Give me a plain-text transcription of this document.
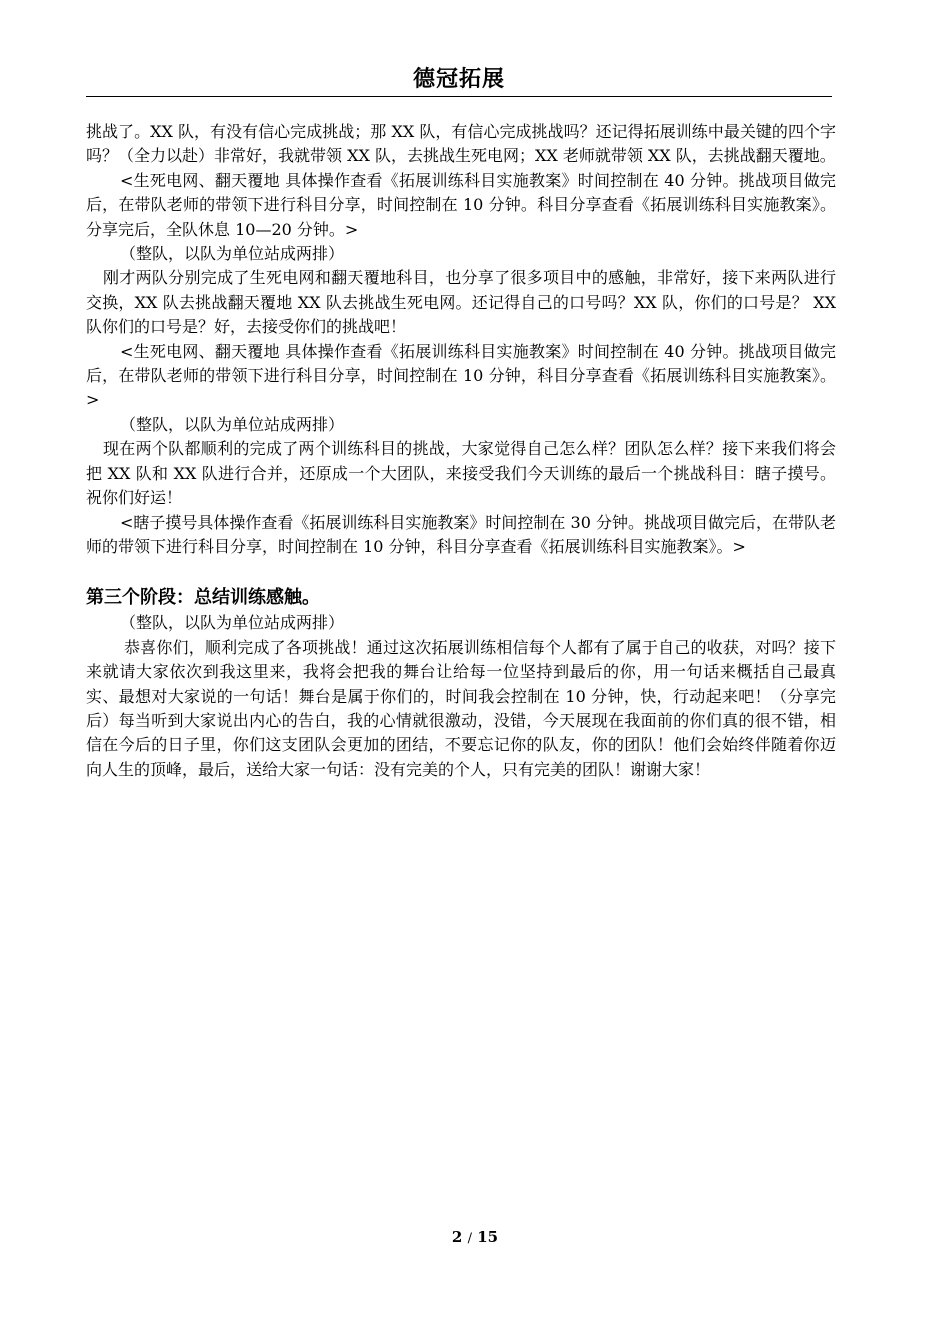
德冠拓展

挑战了。XX 队，有没有信心完成挑战；那 XX 队，有信心完成挑战吗？还记得拓展训练中最关键的四个字吗？（全力以赴）非常好，我就带领 XX 队，去挑战生死电网；XX 老师就带领 XX 队，去挑战翻天覆地。

<生死电网、翻天覆地 具体操作查看《拓展训练科目实施教案》时间控制在 40 分钟。挑战项目做完后，在带队老师的带领下进行科目分享，时间控制在 10 分钟。科目分享查看《拓展训练科目实施教案》。分享完后，全队休息 10—20 分钟。>

（整队，以队为单位站成两排）

刚才两队分别完成了生死电网和翻天覆地科目，也分享了很多项目中的感触，非常好，接下来两队进行交换，XX 队去挑战翻天覆地 XX 队去挑战生死电网。还记得自己的口号吗？XX 队，你们的口号是？ XX 队你们的口号是？好，去接受你们的挑战吧！

<生死电网、翻天覆地 具体操作查看《拓展训练科目实施教案》时间控制在 40 分钟。挑战项目做完后，在带队老师的带领下进行科目分享，时间控制在 10 分钟，科目分享查看《拓展训练科目实施教案》。>

（整队，以队为单位站成两排）

现在两个队都顺利的完成了两个训练科目的挑战，大家觉得自己怎么样？团队怎么样？接下来我们将会把 XX 队和 XX 队进行合并，还原成一个大团队，来接受我们今天训练的最后一个挑战科目：瞎子摸号。祝你们好运！

<瞎子摸号具体操作查看《拓展训练科目实施教案》时间控制在 30 分钟。挑战项目做完后，在带队老师的带领下进行科目分享，时间控制在 10 分钟，科目分享查看《拓展训练科目实施教案》。>

第三个阶段：总结训练感触。

（整队，以队为单位站成两排）

恭喜你们，顺利完成了各项挑战！通过这次拓展训练相信每个人都有了属于自己的收获，对吗？接下来就请大家依次到我这里来，我将会把我的舞台让给每一位坚持到最后的你，用一句话来概括自己最真实、最想对大家说的一句话！舞台是属于你们的，时间我会控制在 10 分钟，快，行动起来吧！（分享完后）每当听到大家说出内心的告白，我的心情就很激动，没错，今天展现在我面前的你们真的很不错，相信在今后的日子里，你们这支团队会更加的团结，不要忘记你的队友，你的团队！他们会始终伴随着你迈向人生的顶峰，最后，送给大家一句话：没有完美的个人，只有完美的团队！谢谢大家！

2 / 15
